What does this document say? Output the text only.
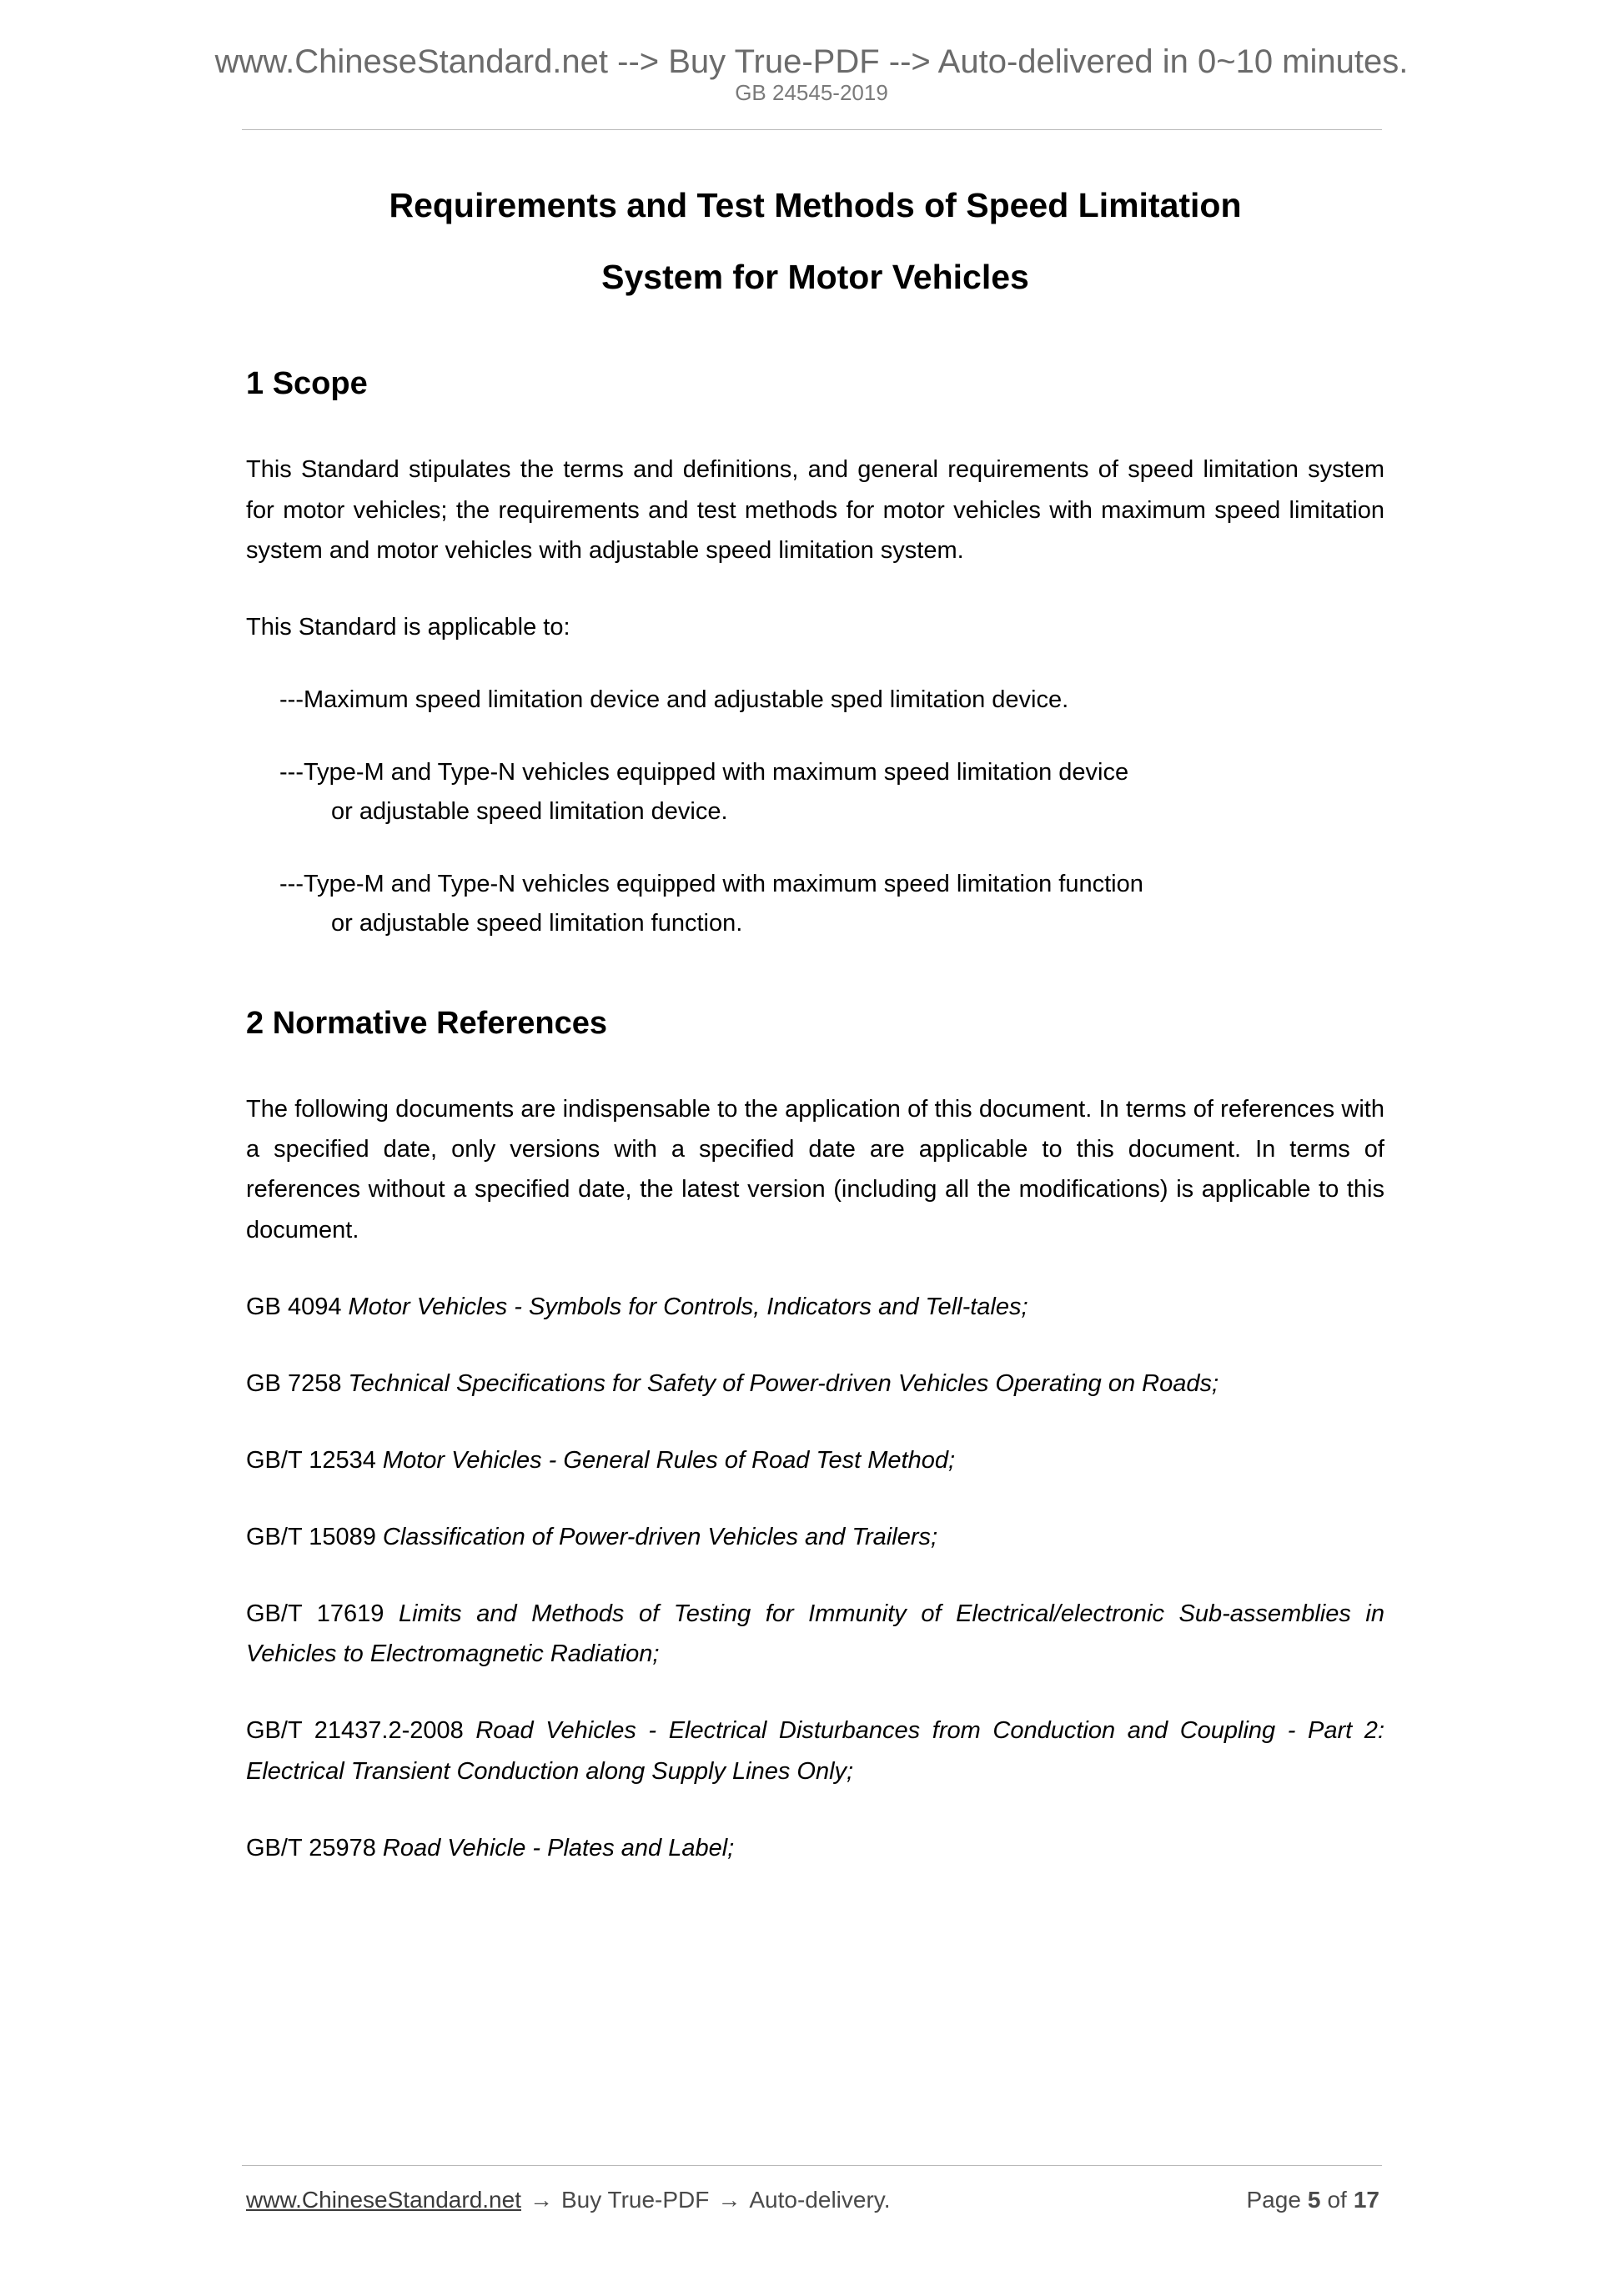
www.ChineseStandard.net --> Buy True-PDF --> Auto-delivered in 0~10 minutes.
GB 24545-2019
Requirements and Test Methods of Speed Limitation
System for Motor Vehicles
1 Scope

This Standard stipulates the terms and definitions, and general requirements of speed limitation system for motor vehicles; the requirements and test methods for motor vehicles with maximum speed limitation system and motor vehicles with adjustable speed limitation system.

This Standard is applicable to:

---Maximum speed limitation device and adjustable sped limitation device.

---Type-M and Type-N vehicles equipped with maximum speed limitation device
or adjustable speed limitation device.

---Type-M and Type-N vehicles equipped with maximum speed limitation function
or adjustable speed limitation function.

2 Normative References

The following documents are indispensable to the application of this document. In terms of references with a specified date, only versions with a specified date are applicable to this document. In terms of references without a specified date, the latest version (including all the modifications) is applicable to this document.

GB 4094 Motor Vehicles - Symbols for Controls, Indicators and Tell-tales;

GB 7258 Technical Specifications for Safety of Power-driven Vehicles Operating on Roads;

GB/T 12534 Motor Vehicles - General Rules of Road Test Method;

GB/T 15089 Classification of Power-driven Vehicles and Trailers;

GB/T 17619 Limits and Methods of Testing for Immunity of Electrical/electronic Sub-assemblies in Vehicles to Electromagnetic Radiation;

GB/T 21437.2-2008 Road Vehicles - Electrical Disturbances from Conduction and Coupling - Part 2: Electrical Transient Conduction along Supply Lines Only;

GB/T 25978 Road Vehicle - Plates and Label;

www.ChineseStandard.net → Buy True-PDF → Auto-delivery.	Page 5 of 17
